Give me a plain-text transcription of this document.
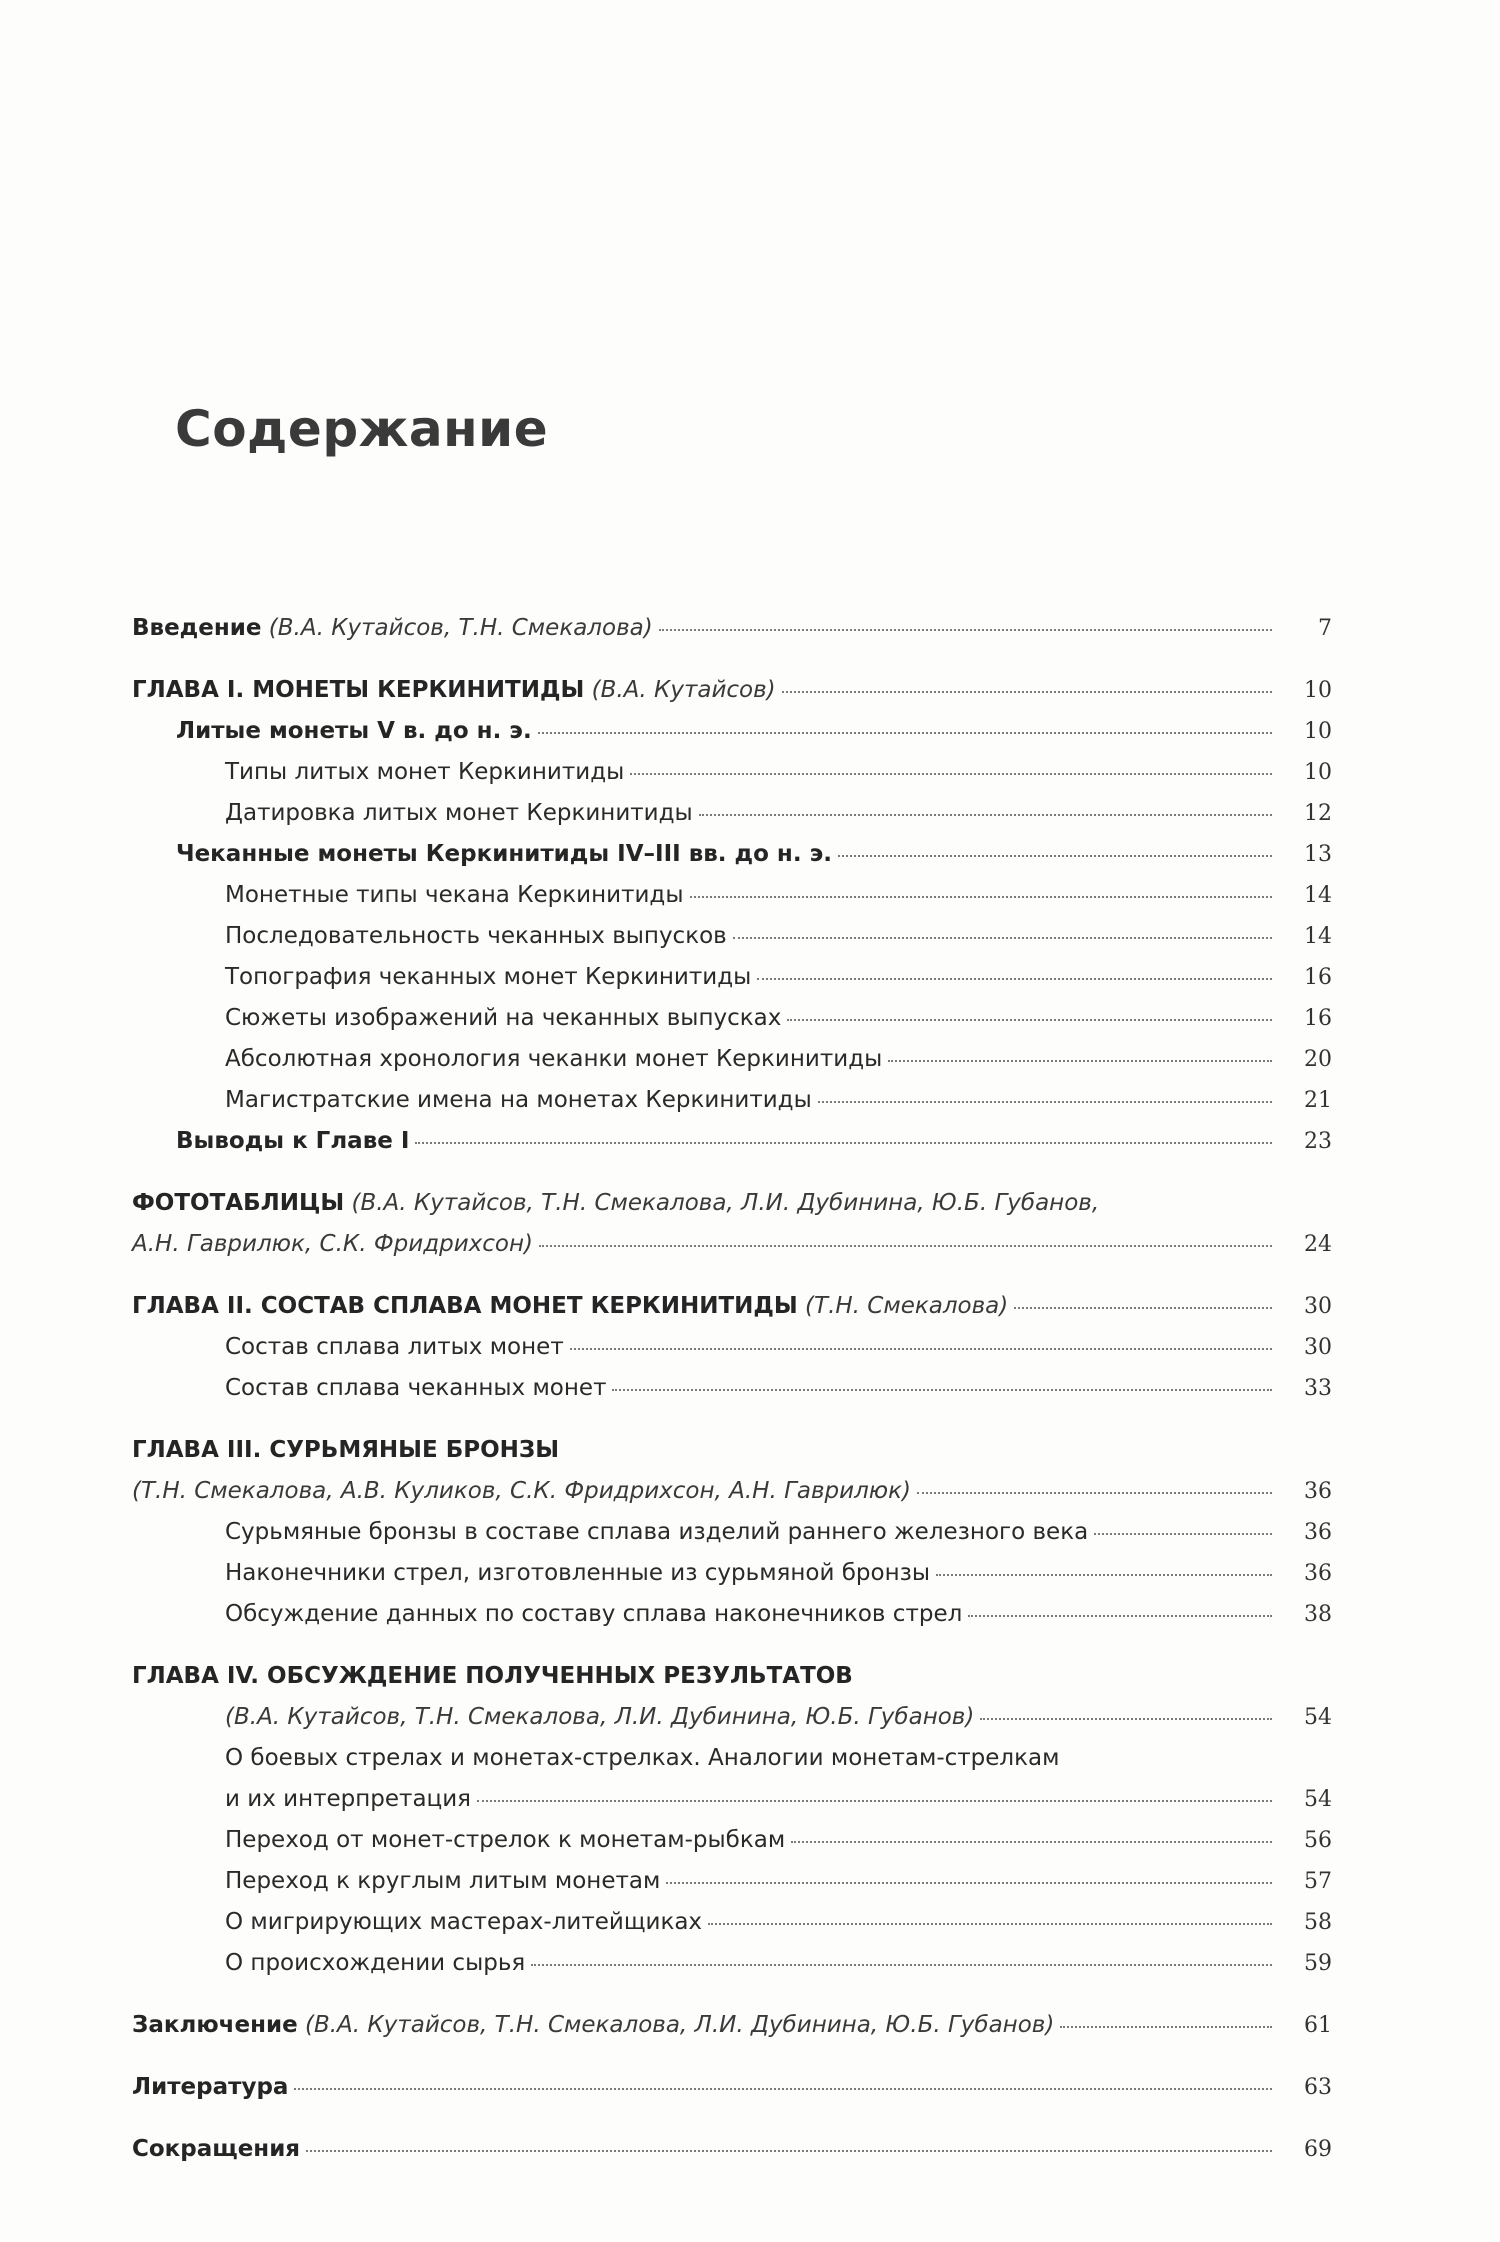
Содержание
Введение (В.А. Кутайсов, Т.Н. Смекалова)	7
ГЛАВА I. МОНЕТЫ КЕРКИНИТИДЫ (В.А. Кутайсов)	10
Литые монеты V в. до н. э.	10
Типы литых монет Керкинитиды	10
Датировка литых монет Керкинитиды	12
Чеканные монеты Керкинитиды IV–III вв. до н. э.	13
Монетные типы чекана Керкинитиды	14
Последовательность чеканных выпусков	14
Топография чеканных монет Керкинитиды	16
Сюжеты изображений на чеканных выпусках	16
Абсолютная хронология чеканки монет Керкинитиды	20
Магистратские имена на монетах Керкинитиды	21
Выводы к Главе I	23
ФОТОТАБЛИЦЫ (В.А. Кутайсов, Т.Н. Смекалова, Л.И. Дубинина, Ю.Б. Губанов,
А.Н. Гаврилюк, С.К. Фридрихсон)	24
ГЛАВА II. СОСТАВ СПЛАВА МОНЕТ КЕРКИНИТИДЫ (Т.Н. Смекалова)	30
Состав сплава литых монет	30
Состав сплава чеканных монет	33
ГЛАВА III. СУРЬМЯНЫЕ БРОНЗЫ
(Т.Н. Смекалова, А.В. Куликов, С.К. Фридрихсон, А.Н. Гаврилюк)	36
Сурьмяные бронзы в составе сплава изделий раннего железного века	36
Наконечники стрел, изготовленные из сурьмяной бронзы	36
Обсуждение данных по составу сплава наконечников стрел	38
ГЛАВА IV. ОБСУЖДЕНИЕ ПОЛУЧЕННЫХ РЕЗУЛЬТАТОВ
(В.А. Кутайсов, Т.Н. Смекалова, Л.И. Дубинина, Ю.Б. Губанов)	54
О боевых стрелах и монетах-стрелках. Аналогии монетам-стрелкам
и их интерпретация	54
Переход от монет-стрелок к монетам-рыбкам	56
Переход к круглым литым монетам	57
О мигрирующих мастерах-литейщиках	58
О происхождении сырья	59
Заключение (В.А. Кутайсов, Т.Н. Смекалова, Л.И. Дубинина, Ю.Б. Губанов)	61
Литература	63
Сокращения	69
